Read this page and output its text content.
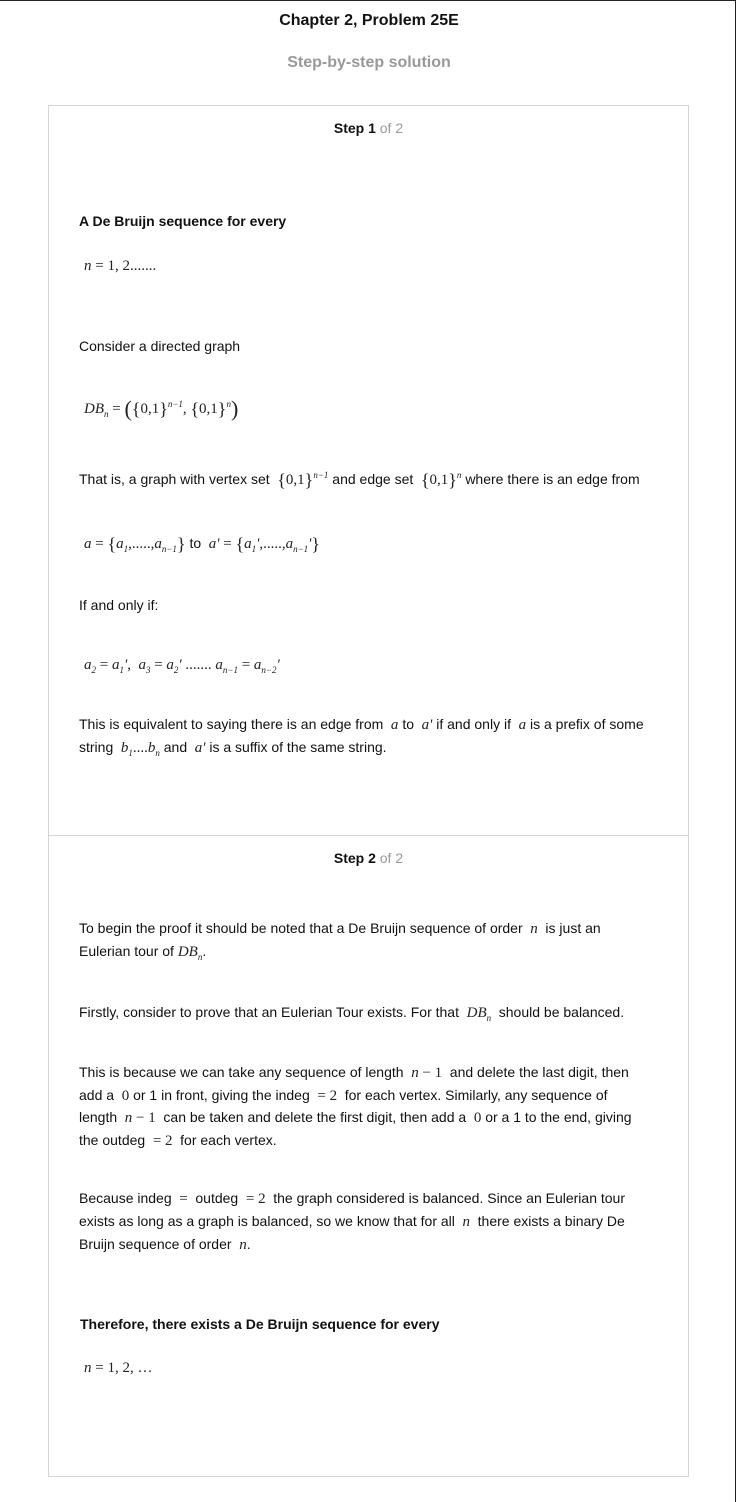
Chapter 2, Problem 25E
Step-by-step solution
Step 1 of 2
A De Bruijn sequence for every
n = 1, 2.......
Consider a directed graph
$DB_n = (\{0,1\}^{n-1}$, $\{0,1\}^n$)
That is, a graph with vertex set $\{0,1\}^{n-1}$ and edge set $\{0,1\}^n$ where there is an edge from
$a = \{a_1,.....,a_{n-1}\}$ to  $a' = \{a_1',.....,a_{n-1}'\}$
If and only if:
$a_2 = a_1'$,  $a_3 = a_2'$ ....... $a_{n-1} = a_{n-2}'$
This is equivalent to saying there is an edge from  a to  a' if and only if  a is a prefix of some
string  $b_1....b_n$ and  a' is a suffix of the same string.
Step 2 of 2
To begin the proof it should be noted that a De Bruijn sequence of order  n  is just an
Eulerian tour of $DB_n$.
Firstly, consider to prove that an Eulerian Tour exists. For that  $DB_n$ should be balanced.
This is because we can take any sequence of length  n − 1 and delete the last digit, then
add a  0 or 1 in front, giving the indeg  = 2  for each vertex. Similarly, any sequence of
length  n − 1 can be taken and delete the first digit, then add a  0 or a 1 to the end, giving
the outdeg  = 2  for each vertex.
Because indeg  =  outdeg  = 2  the graph considered is balanced. Since an Eulerian tour
exists as long as a graph is balanced, so we know that for all  n  there exists a binary De
Bruijn sequence of order  n.
Therefore, there exists a De Bruijn sequence for every
n = 1, 2, …
